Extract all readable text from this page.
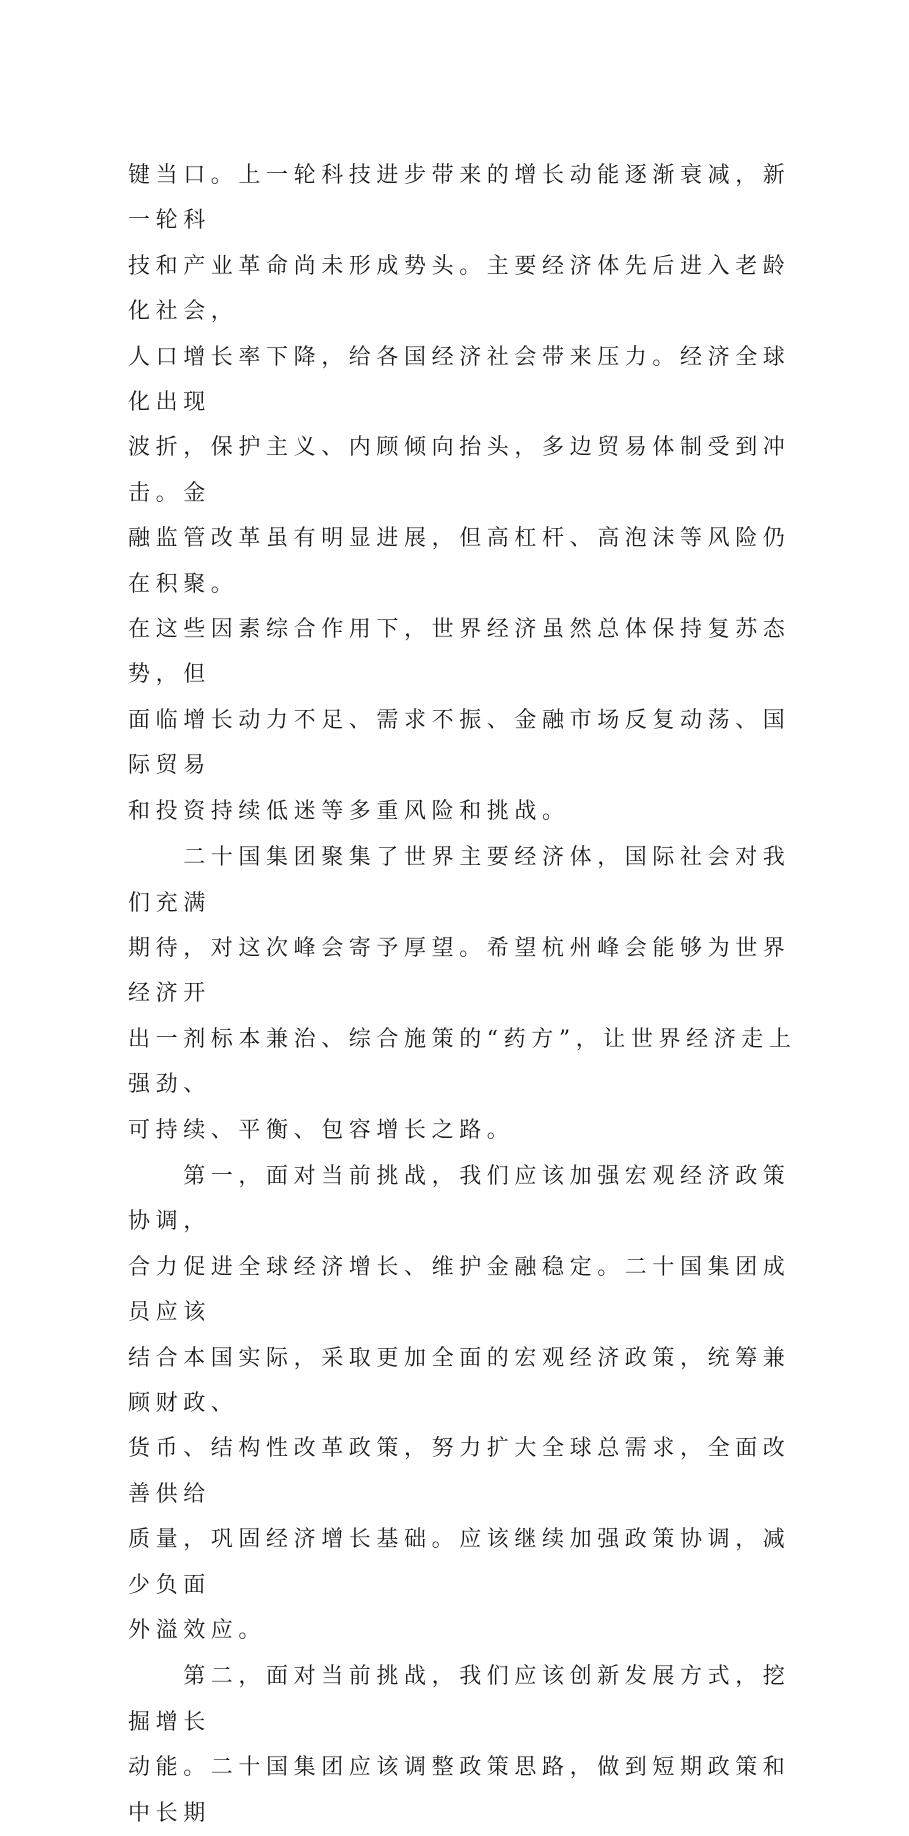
键当口。上一轮科技进步带来的增长动能逐渐衰减，新一轮科
技和产业革命尚未形成势头。主要经济体先后进入老龄化社会，
人口增长率下降，给各国经济社会带来压力。经济全球化出现
波折，保护主义、内顾倾向抬头，多边贸易体制受到冲击。金
融监管改革虽有明显进展，但高杠杆、高泡沫等风险仍在积聚。
在这些因素综合作用下，世界经济虽然总体保持复苏态势，但
面临增长动力不足、需求不振、金融市场反复动荡、国际贸易
和投资持续低迷等多重风险和挑战。

　　二十国集团聚集了世界主要经济体，国际社会对我们充满
期待，对这次峰会寄予厚望。希望杭州峰会能够为世界经济开
出一剂标本兼治、综合施策的“药方”，让世界经济走上强劲、
可持续、平衡、包容增长之路。

　　第一，面对当前挑战，我们应该加强宏观经济政策协调，
合力促进全球经济增长、维护金融稳定。二十国集团成员应该
结合本国实际，采取更加全面的宏观经济政策，统筹兼顾财政、
货币、结构性改革政策，努力扩大全球总需求，全面改善供给
质量，巩固经济增长基础。应该继续加强政策协调，减少负面
外溢效应。

　　第二，面对当前挑战，我们应该创新发展方式，挖掘增长
动能。二十国集团应该调整政策思路，做到短期政策和中长期
